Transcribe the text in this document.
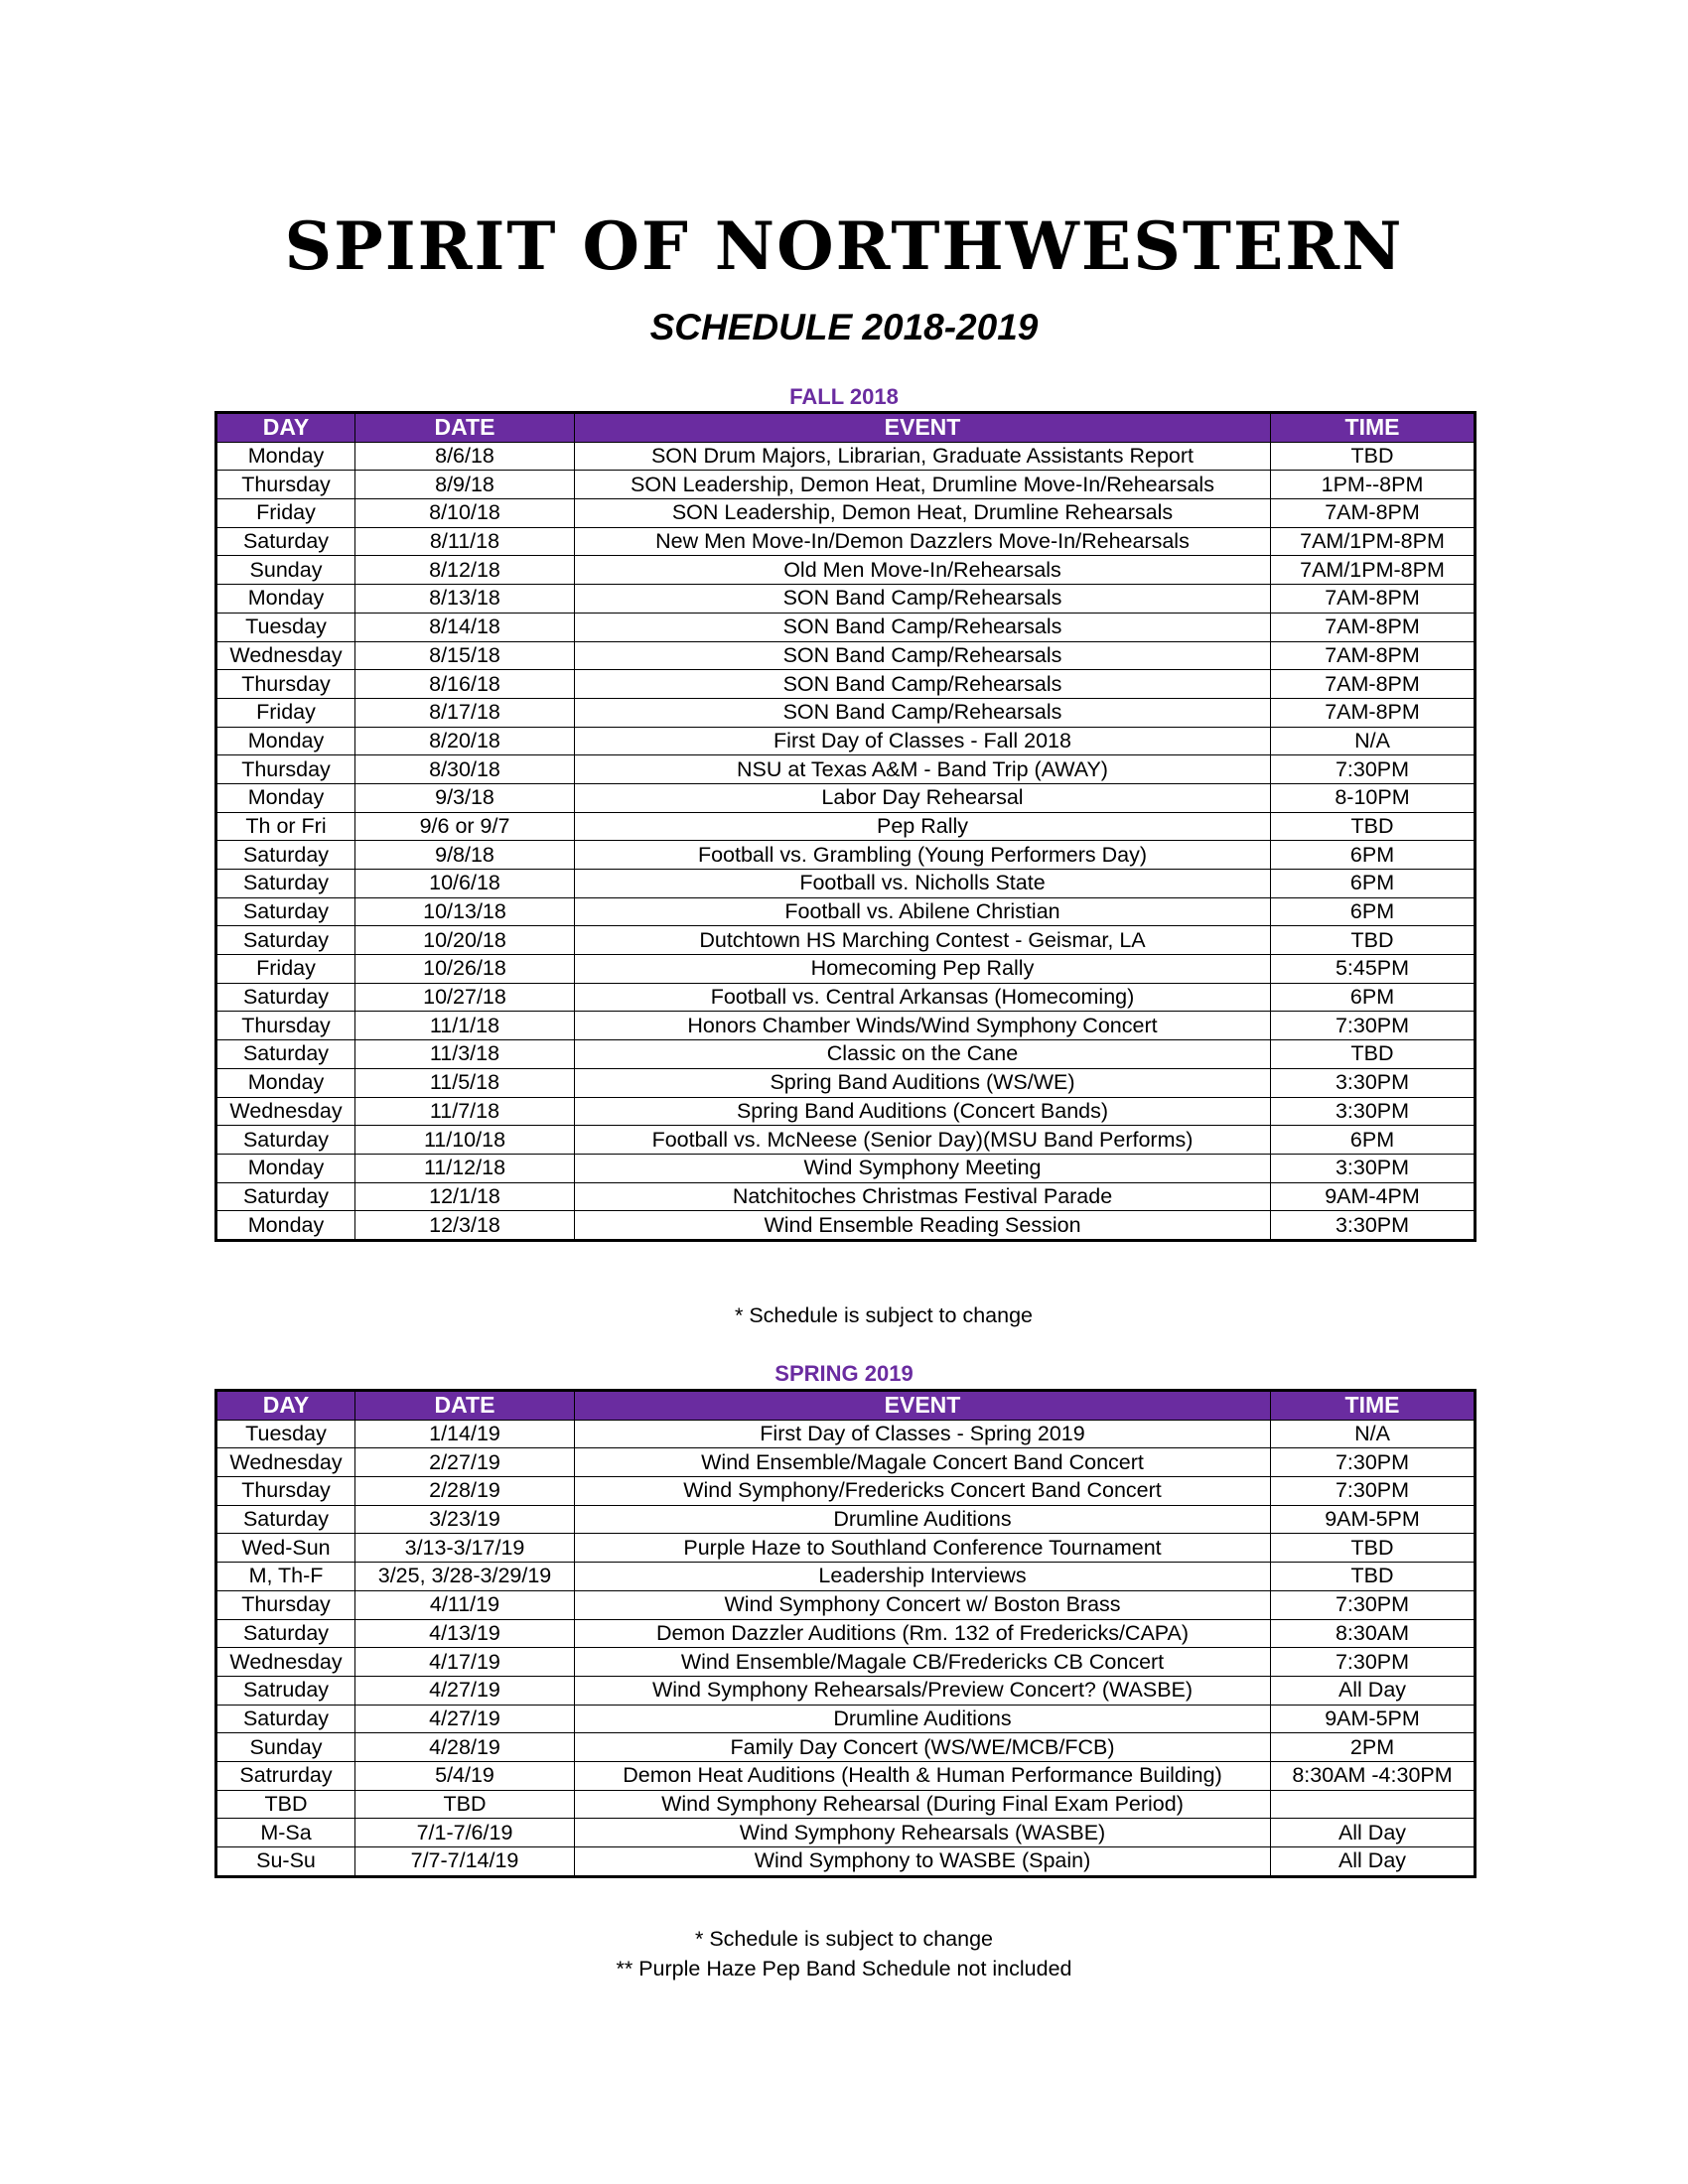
SPIRIT OF NORTHWESTERN
SCHEDULE 2018-2019
FALL 2018
DAY	DATE	EVENT	TIME
Monday	8/6/18	SON Drum Majors, Librarian, Graduate Assistants Report	TBD
Thursday	8/9/18	SON Leadership, Demon Heat, Drumline Move-In/Rehearsals	1PM--8PM
Friday	8/10/18	SON Leadership, Demon Heat, Drumline Rehearsals	7AM-8PM
Saturday	8/11/18	New Men Move-In/Demon Dazzlers Move-In/Rehearsals	7AM/1PM-8PM
Sunday	8/12/18	Old Men Move-In/Rehearsals	7AM/1PM-8PM
Monday	8/13/18	SON Band Camp/Rehearsals	7AM-8PM
Tuesday	8/14/18	SON Band Camp/Rehearsals	7AM-8PM
Wednesday	8/15/18	SON Band Camp/Rehearsals	7AM-8PM
Thursday	8/16/18	SON Band Camp/Rehearsals	7AM-8PM
Friday	8/17/18	SON Band Camp/Rehearsals	7AM-8PM
Monday	8/20/18	First Day of Classes - Fall 2018	N/A
Thursday	8/30/18	NSU at Texas A&M - Band Trip (AWAY)	7:30PM
Monday	9/3/18	Labor Day Rehearsal	8-10PM
Th or Fri	9/6 or 9/7	Pep Rally	TBD
Saturday	9/8/18	Football vs. Grambling (Young Performers Day)	6PM
Saturday	10/6/18	Football vs. Nicholls State	6PM
Saturday	10/13/18	Football vs. Abilene Christian	6PM
Saturday	10/20/18	Dutchtown HS Marching Contest - Geismar, LA	TBD
Friday	10/26/18	Homecoming Pep Rally	5:45PM
Saturday	10/27/18	Football vs. Central Arkansas (Homecoming)	6PM
Thursday	11/1/18	Honors Chamber Winds/Wind Symphony Concert	7:30PM
Saturday	11/3/18	Classic on the Cane	TBD
Monday	11/5/18	Spring Band Auditions (WS/WE)	3:30PM
Wednesday	11/7/18	Spring Band Auditions (Concert Bands)	3:30PM
Saturday	11/10/18	Football vs. McNeese (Senior Day)(MSU Band Performs)	6PM
Monday	11/12/18	Wind Symphony Meeting	3:30PM
Saturday	12/1/18	Natchitoches Christmas Festival Parade	9AM-4PM
Monday	12/3/18	Wind Ensemble Reading Session	3:30PM
* Schedule is subject to change
SPRING 2019
DAY	DATE	EVENT	TIME
Tuesday	1/14/19	First Day of Classes - Spring 2019	N/A
Wednesday	2/27/19	Wind Ensemble/Magale Concert Band Concert	7:30PM
Thursday	2/28/19	Wind Symphony/Fredericks Concert Band Concert	7:30PM
Saturday	3/23/19	Drumline Auditions	9AM-5PM
Wed-Sun	3/13-3/17/19	Purple Haze to Southland Conference Tournament	TBD
M, Th-F	3/25, 3/28-3/29/19	Leadership Interviews	TBD
Thursday	4/11/19	Wind Symphony Concert w/ Boston Brass	7:30PM
Saturday	4/13/19	Demon Dazzler Auditions (Rm. 132 of Fredericks/CAPA)	8:30AM
Wednesday	4/17/19	Wind Ensemble/Magale CB/Fredericks CB Concert	7:30PM
Satruday	4/27/19	Wind Symphony Rehearsals/Preview Concert? (WASBE)	All Day
Saturday	4/27/19	Drumline Auditions	9AM-5PM
Sunday	4/28/19	Family Day Concert (WS/WE/MCB/FCB)	2PM
Satrurday	5/4/19	Demon Heat Auditions (Health & Human Performance Building)	8:30AM -4:30PM
TBD	TBD	Wind Symphony Rehearsal (During Final Exam Period)	
M-Sa	7/1-7/6/19	Wind Symphony Rehearsals (WASBE)	All Day
Su-Su	7/7-7/14/19	Wind Symphony to WASBE (Spain)	All Day
* Schedule is subject to change
** Purple Haze Pep Band Schedule not included
